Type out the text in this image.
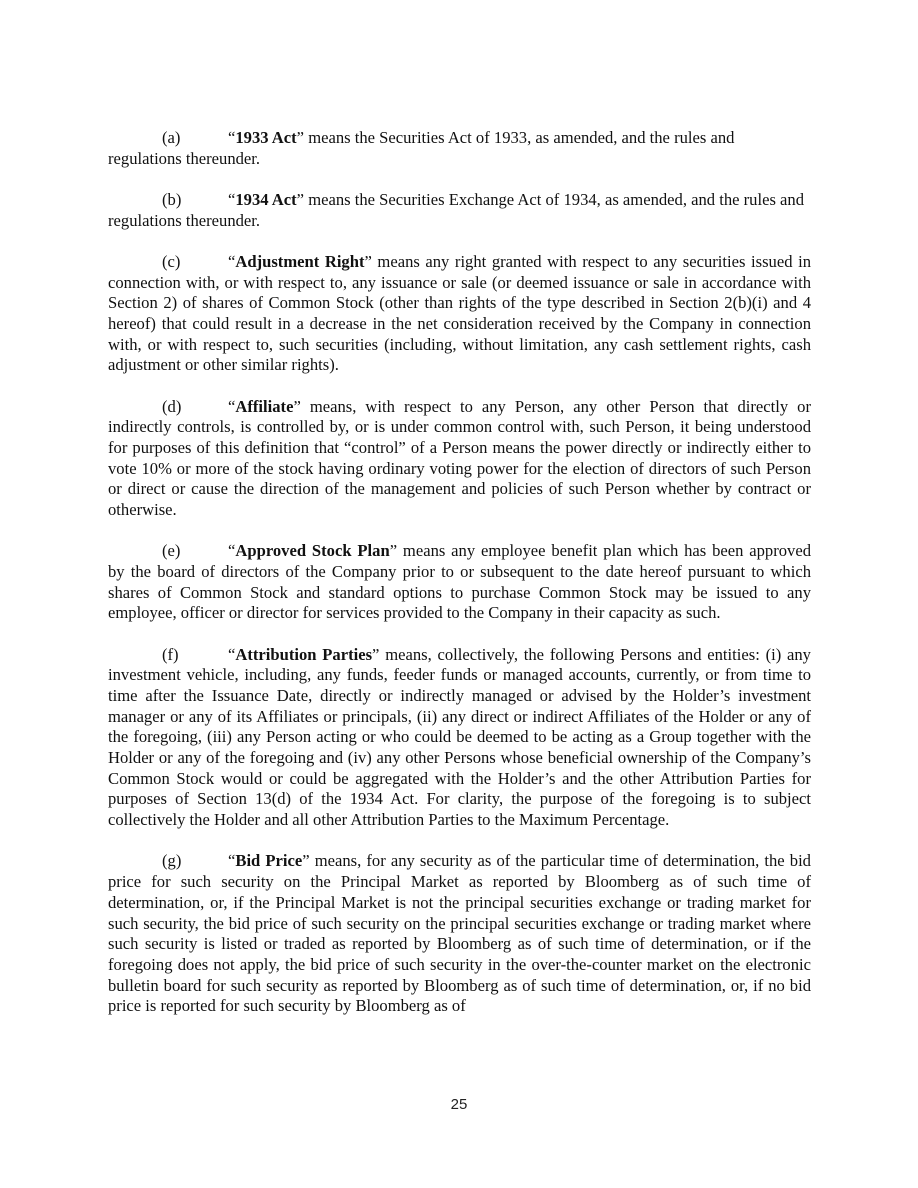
(a)	“1933 Act” means the Securities Act of 1933, as amended, and the rules and regulations thereunder.

(b)	“1934 Act” means the Securities Exchange Act of 1934, as amended, and the rules and regulations thereunder.

(c)	“Adjustment Right” means any right granted with respect to any securities issued in connection with, or with respect to, any issuance or sale (or deemed issuance or sale in accordance with Section 2) of shares of Common Stock (other than rights of the type described in Section 2(b)(i) and 4 hereof) that could result in a decrease in the net consideration received by the Company in connection with, or with respect to, such securities (including, without limitation, any cash settlement rights, cash adjustment or other similar rights).

(d)	“Affiliate” means, with respect to any Person, any other Person that directly or indirectly controls, is controlled by, or is under common control with, such Person, it being understood for purposes of this definition that “control” of a Person means the power directly or indirectly either to vote 10% or more of the stock having ordinary voting power for the election of directors of such Person or direct or cause the direction of the management and policies of such Person whether by contract or otherwise.

(e)	“Approved Stock Plan” means any employee benefit plan which has been approved by the board of directors of the Company prior to or subsequent to the date hereof pursuant to which shares of Common Stock and standard options to purchase Common Stock may be issued to any employee, officer or director for services provided to the Company in their capacity as such.

(f)	“Attribution Parties” means, collectively, the following Persons and entities: (i) any investment vehicle, including, any funds, feeder funds or managed accounts, currently, or from time to time after the Issuance Date, directly or indirectly managed or advised by the Holder’s investment manager or any of its Affiliates or principals, (ii) any direct or indirect Affiliates of the Holder or any of the foregoing, (iii) any Person acting or who could be deemed to be acting as a Group together with the Holder or any of the foregoing and (iv) any other Persons whose beneficial ownership of the Company’s Common Stock would or could be aggregated with the Holder’s and the other Attribution Parties for purposes of Section 13(d) of the 1934 Act. For clarity, the purpose of the foregoing is to subject collectively the Holder and all other Attribution Parties to the Maximum Percentage.

(g)	“Bid Price” means, for any security as of the particular time of determination, the bid price for such security on the Principal Market as reported by Bloomberg as of such time of determination, or, if the Principal Market is not the principal securities exchange or trading market for such security, the bid price of such security on the principal securities exchange or trading market where such security is listed or traded as reported by Bloomberg as of such time of determination, or if the foregoing does not apply, the bid price of such security in the over-the-counter market on the electronic bulletin board for such security as reported by Bloomberg as of such time of determination, or, if no bid price is reported for such security by Bloomberg as of

25
